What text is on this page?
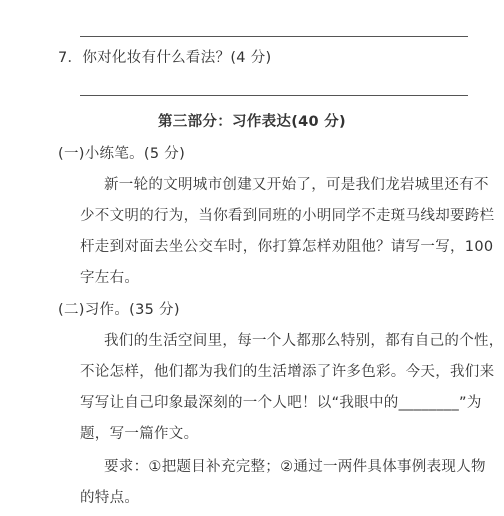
7．你对化妆有什么看法？(4 分)
第三部分：习作表达(40 分)
(一)小练笔。(5 分)
新一轮的文明城市创建又开始了，可是我们龙岩城里还有不
少不文明的行为，当你看到同班的小明同学不走斑马线却要跨栏
杆走到对面去坐公交车时，你打算怎样劝阻他？请写一写，100
字左右。
(二)习作。(35 分)
我们的生活空间里，每一个人都那么特别，都有自己的个性，
不论怎样，他们都为我们的生活增添了许多色彩。今天，我们来
写写让自己印象最深刻的一个人吧！以“我眼中的________”为
题，写一篇作文。
要求：①把题目补充完整；②通过一两件具体事例表现人物
的特点。
